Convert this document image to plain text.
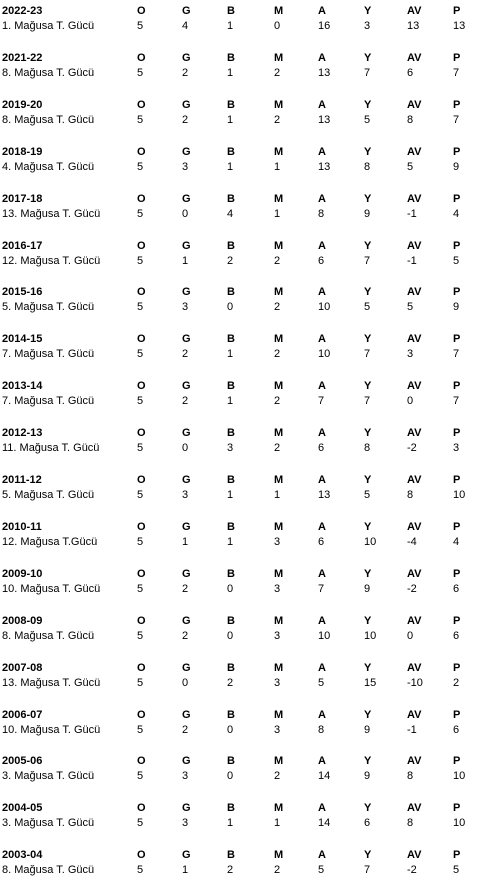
2022-23	O	G	B	M	A	Y	AV	P
1. Mağusa T. Gücü	5	4	1	0	16	3	13	13
2021-22	O	G	B	M	A	Y	AV	P
8. Mağusa T. Gücü	5	2	1	2	13	7	6	7
2019-20	O	G	B	M	A	Y	AV	P
8. Mağusa T. Gücü	5	2	1	2	13	5	8	7
2018-19	O	G	B	M	A	Y	AV	P
4. Mağusa T. Gücü	5	3	1	1	13	8	5	9
2017-18	O	G	B	M	A	Y	AV	P
13. Mağusa T. Gücü	5	0	4	1	8	9	-1	4
2016-17	O	G	B	M	A	Y	AV	P
12. Mağusa T. Gücü	5	1	2	2	6	7	-1	5
2015-16	O	G	B	M	A	Y	AV	P
5. Mağusa T. Gücü	5	3	0	2	10	5	5	9
2014-15	O	G	B	M	A	Y	AV	P
7. Mağusa T. Gücü	5	2	1	2	10	7	3	7
2013-14	O	G	B	M	A	Y	AV	P
7. Mağusa T. Gücü	5	2	1	2	7	7	0	7
2012-13	O	G	B	M	A	Y	AV	P
11. Mağusa T. Gücü	5	0	3	2	6	8	-2	3
2011-12	O	G	B	M	A	Y	AV	P
5. Mağusa T. Gücü	5	3	1	1	13	5	8	10
2010-11	O	G	B	M	A	Y	AV	P
12. Mağusa T.Gücü	5	1	1	3	6	10	-4	4
2009-10	O	G	B	M	A	Y	AV	P
10. Mağusa T. Gücü	5	2	0	3	7	9	-2	6
2008-09	O	G	B	M	A	Y	AV	P
8. Mağusa T. Gücü	5	2	0	3	10	10	0	6
2007-08	O	G	B	M	A	Y	AV	P
13. Mağusa T. Gücü	5	0	2	3	5	15	-10	2
2006-07	O	G	B	M	A	Y	AV	P
10. Mağusa T. Gücü	5	2	0	3	8	9	-1	6
2005-06	O	G	B	M	A	Y	AV	P
3. Mağusa T. Gücü	5	3	0	2	14	9	8	10
2004-05	O	G	B	M	A	Y	AV	P
3. Mağusa T. Gücü	5	3	1	1	14	6	8	10
2003-04	O	G	B	M	A	Y	AV	P
8. Mağusa T. Gücü	5	1	2	2	5	7	-2	5
